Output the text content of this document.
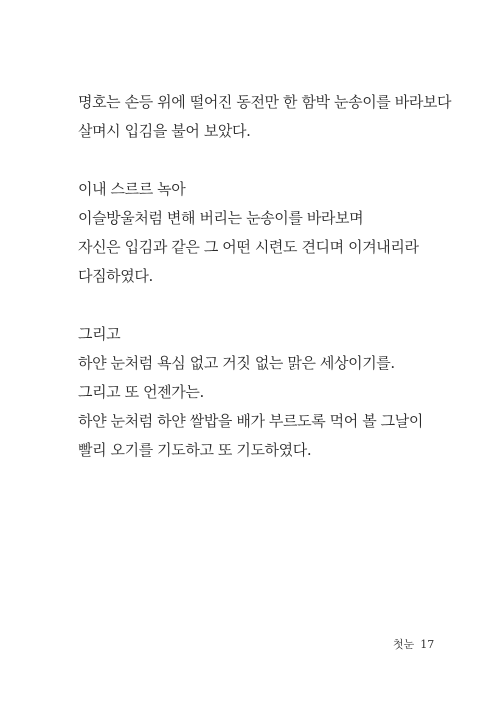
명호는 손등 위에 떨어진 동전만 한 함박 눈송이를 바라보다

살며시 입김을 불어 보았다.

이내 스르르 녹아

이슬방울처럼 변해 버리는 눈송이를 바라보며

자신은 입김과 같은 그 어떤 시련도 견디며 이겨내리라

다짐하였다.

그리고

하얀 눈처럼 욕심 없고 거짓 없는 맑은 세상이기를.

그리고 또 언젠가는.

하얀 눈처럼 하얀 쌀밥을 배가 부르도록 먹어 볼 그날이

빨리 오기를 기도하고 또 기도하였다.

첫눈 17
